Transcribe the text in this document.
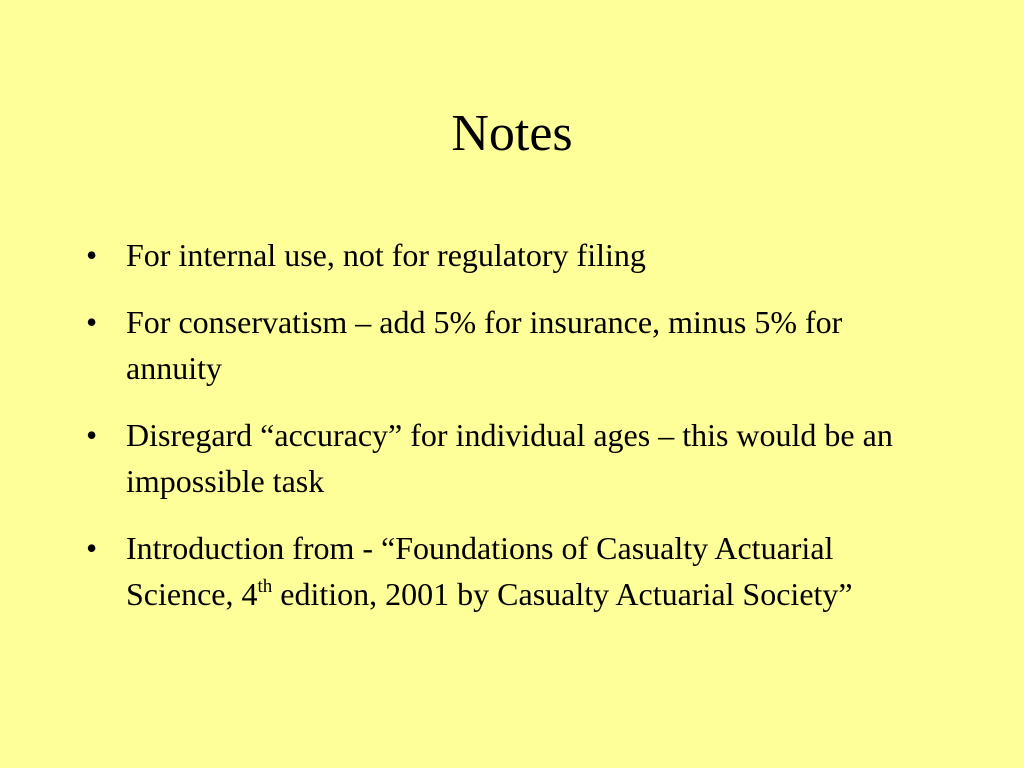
Notes
• For internal use, not for regulatory filing
• For conservatism – add 5% for insurance, minus 5% for annuity
• Disregard “accuracy” for individual ages – this would be an impossible task
• Introduction from - “Foundations of Casualty Actuarial Science, 4th edition, 2001 by Casualty Actuarial Society”
